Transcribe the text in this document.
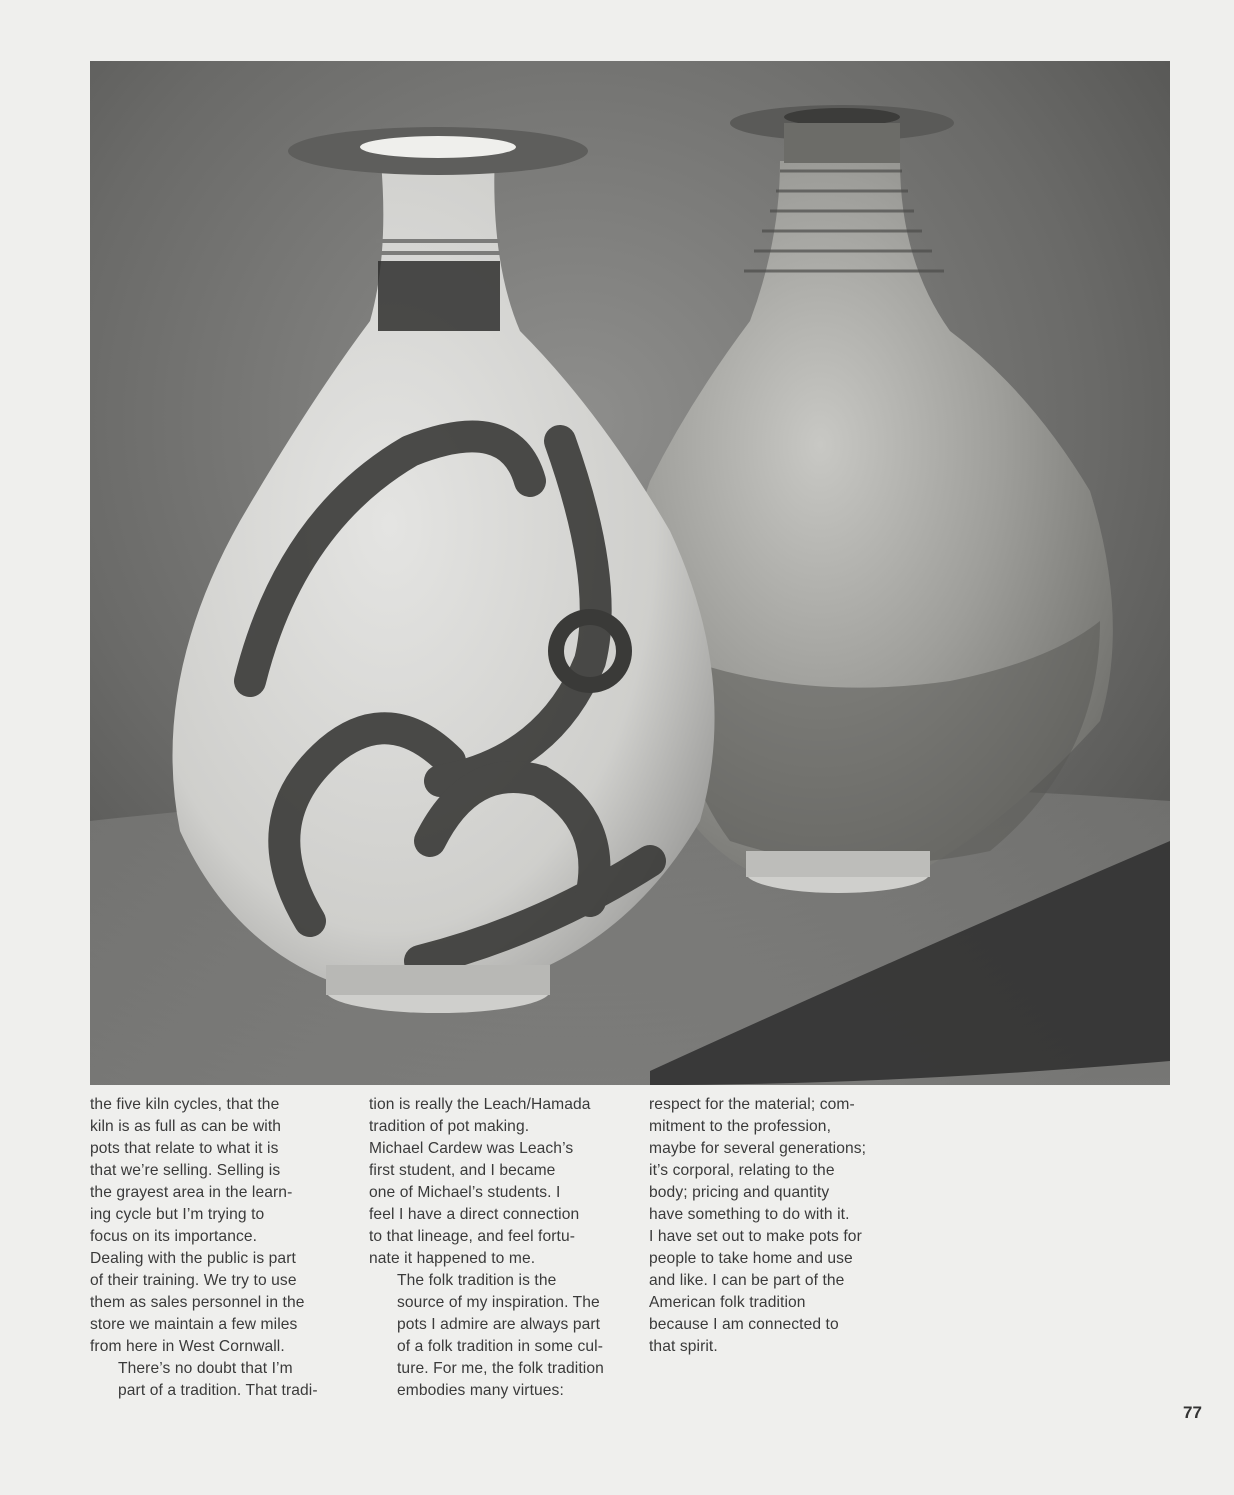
the five kiln cycles, that the
kiln is as full as can be with
pots that relate to what it is
that we’re selling. Selling is
the grayest area in the learn-
ing cycle but I’m trying to
focus on its importance.
Dealing with the public is part
of their training. We try to use
them as sales personnel in the
store we maintain a few miles
from here in West Cornwall.

There’s no doubt that I’m
part of a tradition. That tradi-

tion is really the Leach/Hamada
tradition of pot making.
Michael Cardew was Leach’s
first student, and I became
one of Michael’s students. I
feel I have a direct connection
to that lineage, and feel fortu-
nate it happened to me.

The folk tradition is the
source of my inspiration. The
pots I admire are always part
of a folk tradition in some cul-
ture. For me, the folk tradition
embodies many virtues:

respect for the material; com-
mitment to the profession,
maybe for several generations;
it’s corporal, relating to the
body; pricing and quantity
have something to do with it.
I have set out to make pots for
people to take home and use
and like. I can be part of the
American folk tradition
because I am connected to
that spirit.

77
